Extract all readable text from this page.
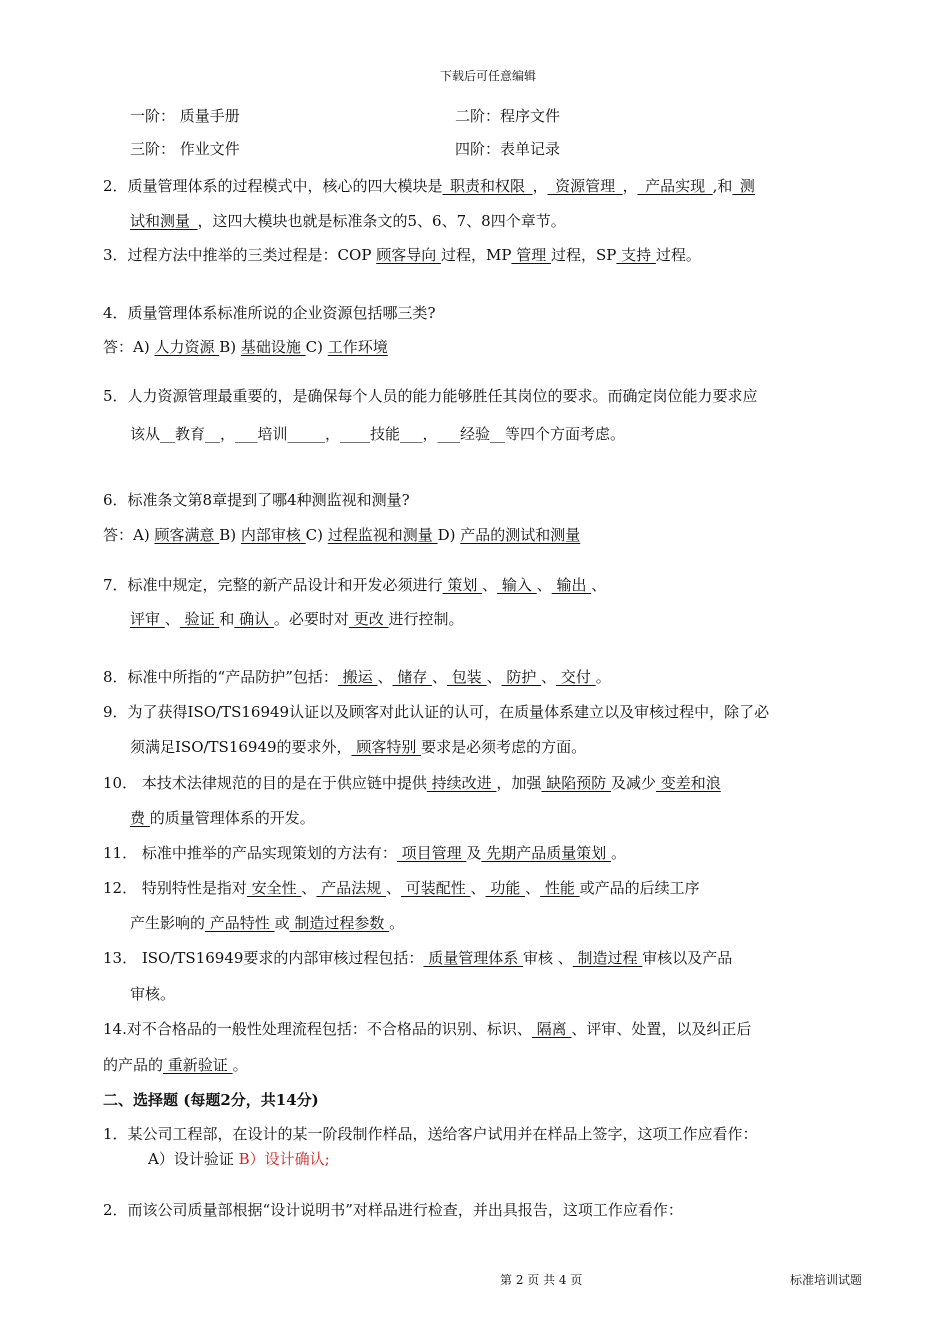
下载后可任意编辑
一阶： 质量手册	二阶：程序文件
三阶： 作业文件	四阶：表单记录
2．质量管理体系的过程模式中，核心的四大模块是_职责和权限_，_资源管理_，_产品实现_,和_测
试和测量_，这四大模块也就是标准条文的5、6、7、8四个章节。
3．过程方法中推举的三类过程是：COP 顾客导向 过程，MP 管理 过程，SP 支持 过程。
4．质量管理体系标准所说的企业资源包括哪三类?
答：A) 人力资源 B) 基础设施 C) 工作环境
5．人力资源管理最重要的，是确保每个人员的能力能够胜任其岗位的要求。而确定岗位能力要求应
该从__教育__，___培训_____，____技能___，___经验__等四个方面考虑。
6．标准条文第8章提到了哪4种测监视和测量?
答：A) 顾客满意 B) 内部审核 C) 过程监视和测量 D) 产品的测试和测量
7．标准中规定，完整的新产品设计和开发必须进行 策划 、 输入 、 输出 、
评审 、 验证 和 确认 。必要时对 更改 进行控制。
8．标准中所指的“产品防护”包括： 搬运 、 储存 、 包装 、 防护 、 交付 。
9．为了获得ISO/TS16949认证以及顾客对此认证的认可，在质量体系建立以及审核过程中，除了必
须满足ISO/TS16949的要求外， 顾客特别 要求是必须考虑的方面。
10． 本技术法律规范的目的是在于供应链中提供 持续改进 ，加强 缺陷预防 及减少 变差和浪
费 的质量管理体系的开发。
11． 标准中推举的产品实现策划的方法有： 项目管理 及 先期产品质量策划 。
12． 特别特性是指对 安全性 、 产品法规 、 可装配性 、 功能 、 性能 或产品的后续工序
产生影响的 产品特性 或 制造过程参数 。
13． ISO/TS16949要求的内部审核过程包括： 质量管理体系 审核 、 制造过程 审核以及产品
审核。
14.对不合格品的一般性处理流程包括：不合格品的识别、标识、 隔离 、评审、处置，以及纠正后
的产品的 重新验证 。
二、选择题 (每题2分，共14分)
1．某公司工程部，在设计的某一阶段制作样品，送给客户试用并在样品上签字，这项工作应看作：
A）设计验证 B）设计确认;
2．而该公司质量部根据“设计说明书”对样品进行检查，并出具报告，这项工作应看作：
第 2 页 共 4 页	标准培训试题
